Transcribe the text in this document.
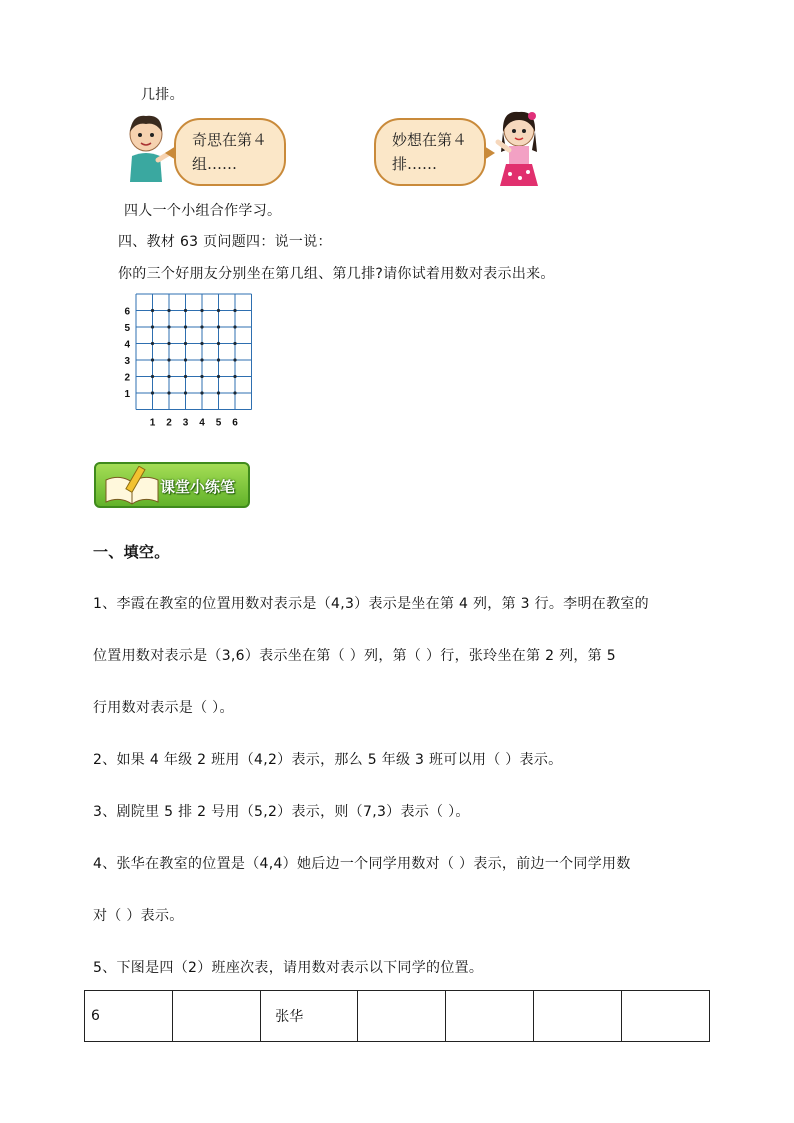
几排。
奇思在第４组……
妙想在第４排……
四人一个小组合作学习。
四、教材 63 页问题四：说一说：
你的三个好朋友分别坐在第几组、第几排?请你试着用数对表示出来。
6
5
4
3
2
1
1 2 3 4 5 6
课堂小练笔
一、填空。
1、李霞在教室的位置用数对表示是（4,3）表示是坐在第 4 列，第 3 行。李明在教室的
位置用数对表示是（3,6）表示坐在第（ ）列，第（ ）行，张玲坐在第 2 列，第 5
行用数对表示是（ ）。
2、如果 4 年级 2 班用（4,2）表示，那么 5 年级 3 班可以用（ ）表示。
3、剧院里 5 排 2 号用（5,2）表示，则（7,3）表示（ ）。
4、张华在教室的位置是（4,4）她后边一个同学用数对（ ）表示，前边一个同学用数
对（ ）表示。
5、下图是四（2）班座次表，请用数对表示以下同学的位置。
6		张华				
